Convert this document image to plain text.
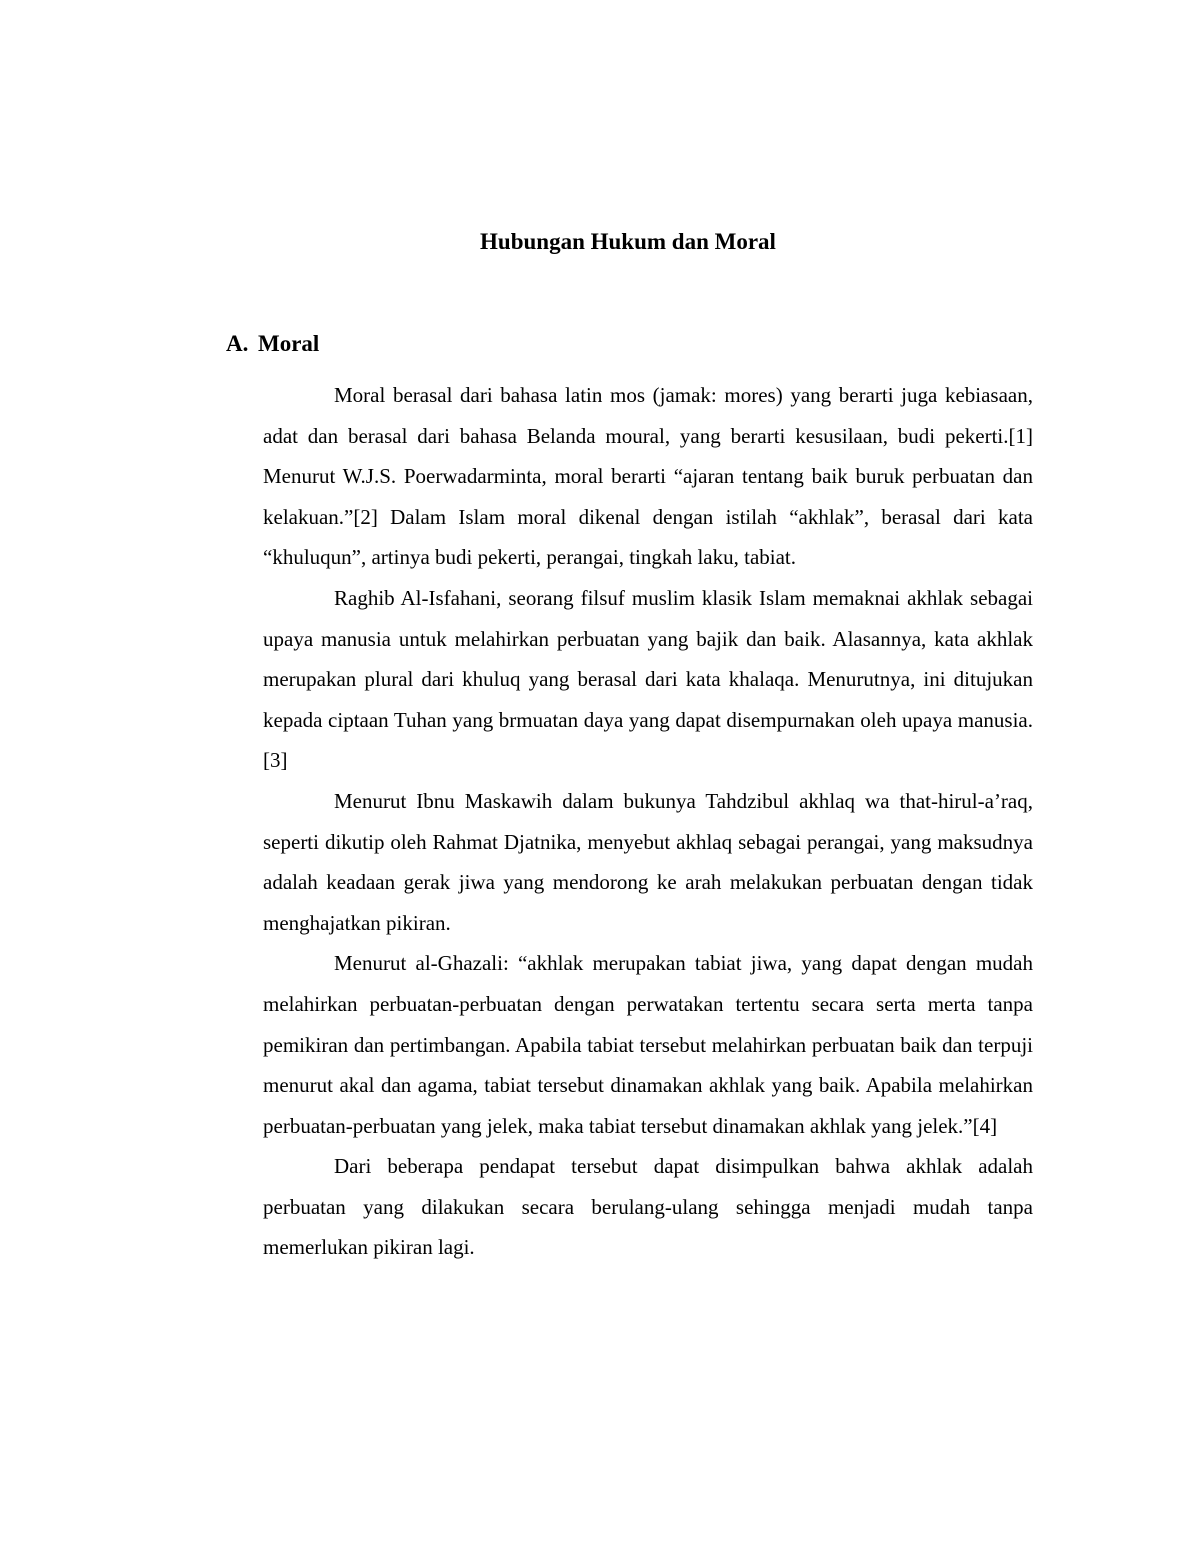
Hubungan Hukum dan Moral
A. Moral

Moral berasal dari bahasa latin mos (jamak: mores) yang berarti juga kebiasaan, adat dan berasal dari bahasa Belanda moural, yang berarti kesusilaan, budi pekerti.[1] Menurut W.J.S. Poerwadarminta, moral berarti “ajaran tentang baik buruk perbuatan dan kelakuan.”[2] Dalam Islam moral dikenal dengan istilah “akhlak”, berasal dari kata “khuluqun”, artinya budi pekerti, perangai, tingkah laku, tabiat.

Raghib Al-Isfahani, seorang filsuf muslim klasik Islam memaknai akhlak sebagai upaya manusia untuk melahirkan perbuatan yang bajik dan baik. Alasannya, kata akhlak merupakan plural dari khuluq yang berasal dari kata khalaqa. Menurutnya, ini ditujukan kepada ciptaan Tuhan yang brmuatan daya yang dapat disempurnakan oleh upaya manusia.[3]

Menurut Ibnu Maskawih dalam bukunya Tahdzibul akhlaq wa that-hirul-a’raq, seperti dikutip oleh Rahmat Djatnika, menyebut akhlaq sebagai perangai, yang maksudnya adalah keadaan gerak jiwa yang mendorong ke arah melakukan perbuatan dengan tidak menghajatkan pikiran.

Menurut al-Ghazali: “akhlak merupakan tabiat jiwa, yang dapat dengan mudah melahirkan perbuatan-perbuatan dengan perwatakan tertentu secara serta merta tanpa pemikiran dan pertimbangan. Apabila tabiat tersebut melahirkan perbuatan baik dan terpuji menurut akal dan agama, tabiat tersebut dinamakan akhlak yang baik. Apabila melahirkan perbuatan-perbuatan yang jelek, maka tabiat tersebut dinamakan akhlak yang jelek.”[4]

Dari beberapa pendapat tersebut dapat disimpulkan bahwa akhlak adalah perbuatan yang dilakukan secara berulang-ulang sehingga menjadi mudah tanpa memerlukan pikiran lagi.
